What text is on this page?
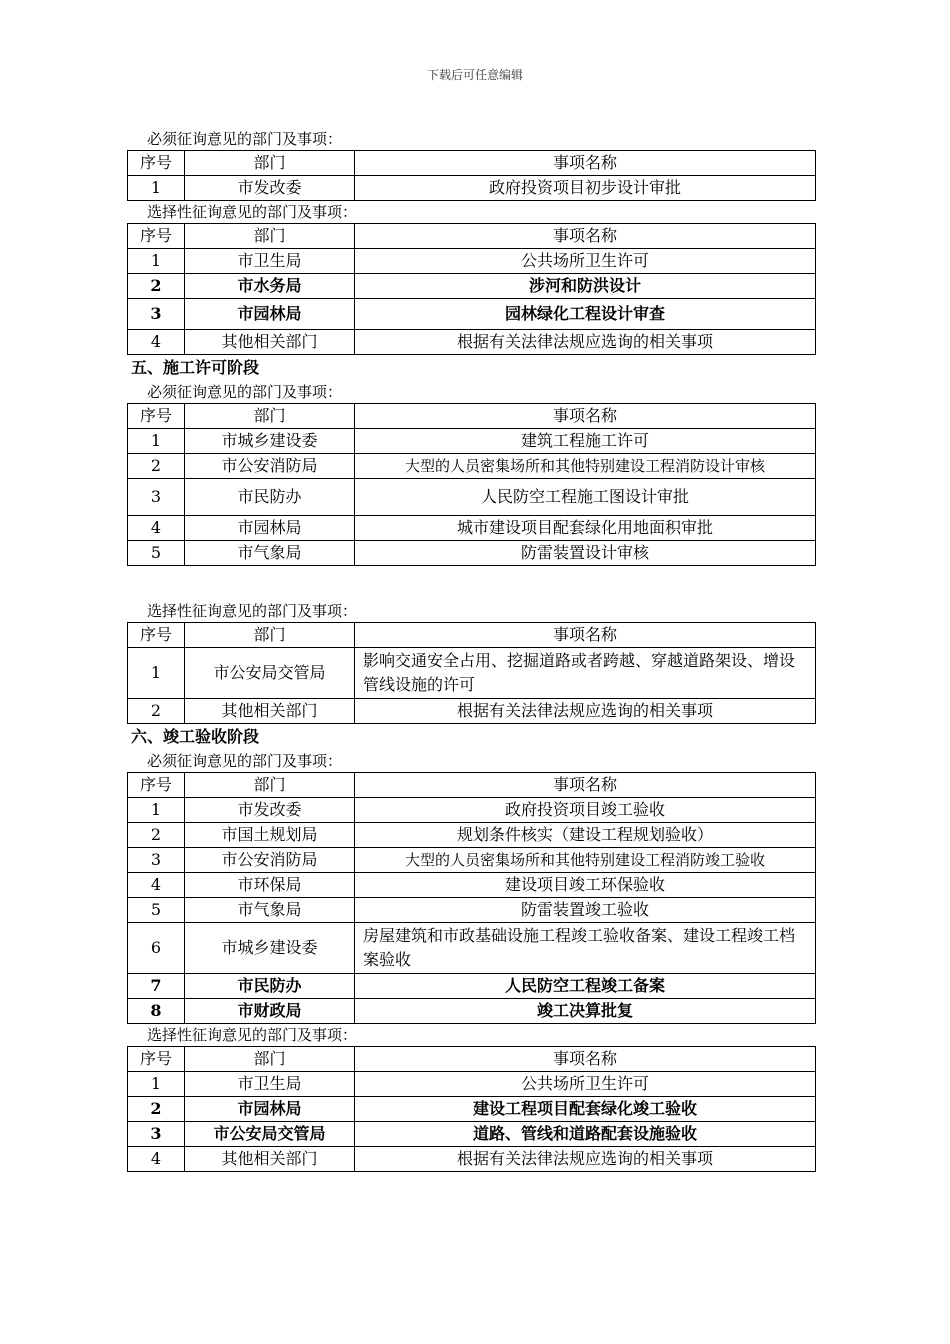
下载后可任意编辑
必须征询意见的部门及事项：
序号	部门	事项名称
1	市发改委	政府投资项目初步设计审批
选择性征询意见的部门及事项：
序号	部门	事项名称
1	市卫生局	公共场所卫生许可
2	市水务局	涉河和防洪设计
3	市园林局	园林绿化工程设计审查
4	其他相关部门	根据有关法律法规应选询的相关事项
五、施工许可阶段
必须征询意见的部门及事项：
序号	部门	事项名称
1	市城乡建设委	建筑工程施工许可
2	市公安消防局	大型的人员密集场所和其他特别建设工程消防设计审核
3	市民防办	人民防空工程施工图设计审批
4	市园林局	城市建设项目配套绿化用地面积审批
5	市气象局	防雷装置设计审核
选择性征询意见的部门及事项：
序号	部门	事项名称
1	市公安局交管局	影响交通安全占用、挖掘道路或者跨越、穿越道路架设、增设管线设施的许可
2	其他相关部门	根据有关法律法规应选询的相关事项
六、竣工验收阶段
必须征询意见的部门及事项：
序号	部门	事项名称
1	市发改委	政府投资项目竣工验收
2	市国土规划局	规划条件核实（建设工程规划验收）
3	市公安消防局	大型的人员密集场所和其他特别建设工程消防竣工验收
4	市环保局	建设项目竣工环保验收
5	市气象局	防雷装置竣工验收
6	市城乡建设委	房屋建筑和市政基础设施工程竣工验收备案、建设工程竣工档案验收
7	市民防办	人民防空工程竣工备案
8	市财政局	竣工决算批复
选择性征询意见的部门及事项：
序号	部门	事项名称
1	市卫生局	公共场所卫生许可
2	市园林局	建设工程项目配套绿化竣工验收
3	市公安局交管局	道路、管线和道路配套设施验收
4	其他相关部门	根据有关法律法规应选询的相关事项
